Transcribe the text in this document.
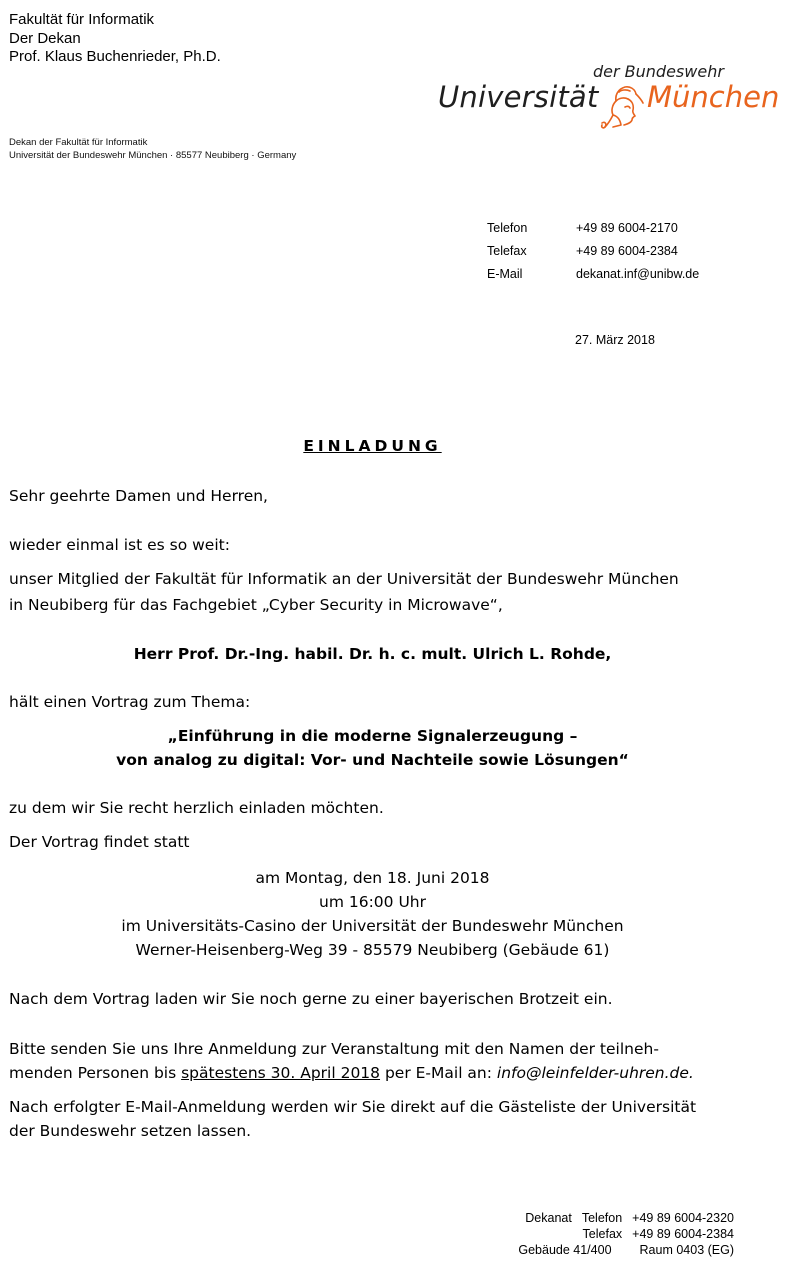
Fakultät für Informatik
Der Dekan
Prof. Klaus Buchenrieder, Ph.D.
der Bundeswehr
Universität München
Dekan der Fakultät für Informatik
Universität der Bundeswehr München · 85577 Neubiberg · Germany
Telefon	+49 89 6004-2170
Telefax	+49 89 6004-2384
E-Mail	dekanat.inf@unibw.de
27. März 2018
EINLADUNG
Sehr geehrte Damen und Herren,
wieder einmal ist es so weit:
unser Mitglied der Fakultät für Informatik an der Universität der Bundeswehr München
in Neubiberg für das Fachgebiet „Cyber Security in Microwave“,
Herr Prof. Dr.-Ing. habil. Dr. h. c. mult. Ulrich L. Rohde,
hält einen Vortrag zum Thema:
„Einführung in die moderne Signalerzeugung –
von analog zu digital: Vor- und Nachteile sowie Lösungen“
zu dem wir Sie recht herzlich einladen möchten.
Der Vortrag findet statt
am Montag, den 18. Juni 2018
um 16:00 Uhr
im Universitäts-Casino der Universität der Bundeswehr München
Werner-Heisenberg-Weg 39 - 85579 Neubiberg (Gebäude 61)
Nach dem Vortrag laden wir Sie noch gerne zu einer bayerischen Brotzeit ein.
Bitte senden Sie uns Ihre Anmeldung zur Veranstaltung mit den Namen der teilneh-
menden Personen bis spätestens 30. April 2018 per E-Mail an: info@leinfelder-uhren.de.
Nach erfolgter E-Mail-Anmeldung werden wir Sie direkt auf die Gästeliste der Universität
der Bundeswehr setzen lassen.
Dekanat Telefon +49 89 6004-2320
Telefax +49 89 6004-2384
Gebäude 41/400 Raum 0403 (EG)
